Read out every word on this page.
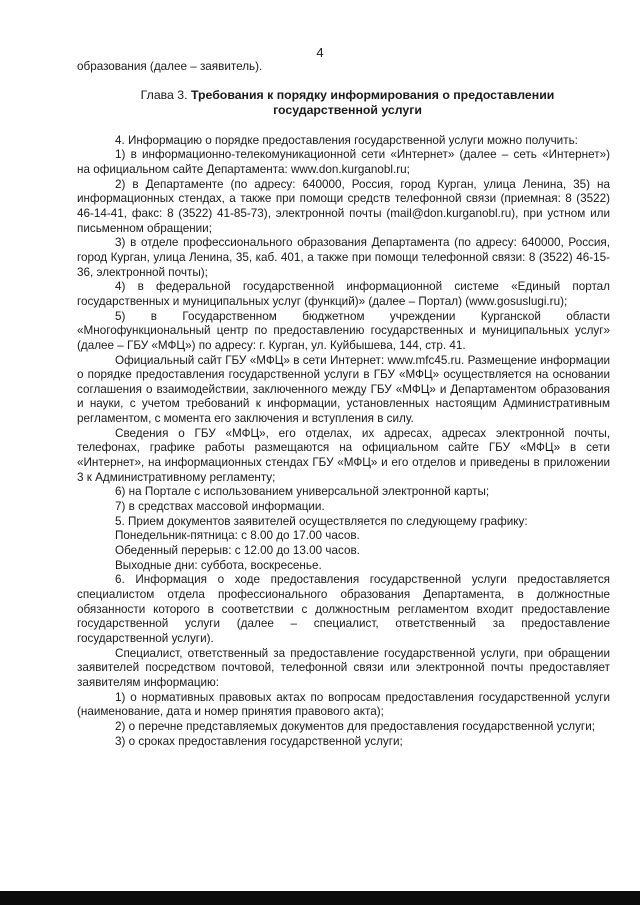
4

образования (далее – заявитель).

Глава 3. Требования к порядку информирования о предоставлении государственной услуги

4. Информацию о порядке предоставления государственной услуги можно получить:

1) в информационно-телекомуникационной сети «Интернет» (далее – сеть «Интернет») на официальном сайте Департамента: www.don.kurganobl.ru;

2) в Департаменте (по адресу: 640000, Россия, город Курган, улица Ленина, 35) на информационных стендах, а также при помощи средств телефонной связи (приемная: 8 (3522) 46-14-41, факс: 8 (3522) 41-85-73), электронной почты (mail@don.kurganobl.ru), при устном или письменном обращении;

3) в отделе профессионального образования Департамента (по адресу: 640000, Россия, город Курган, улица Ленина, 35, каб. 401, а также при помощи телефонной связи: 8 (3522) 46-15-36, электронной почты);

4) в федеральной государственной информационной системе «Единый портал государственных и муниципальных услуг (функций)» (далее – Портал) (www.gosuslugi.ru);

5) в Государственном бюджетном учреждении Курганской области «Многофункциональный центр по предоставлению государственных и муниципальных услуг» (далее – ГБУ «МФЦ») по адресу: г. Курган, ул. Куйбышева, 144, стр. 41.

Официальный сайт ГБУ «МФЦ» в сети Интернет: www.mfc45.ru. Размещение информации о порядке предоставления государственной услуги в ГБУ «МФЦ» осуществляется на основании соглашения о взаимодействии, заключенного между ГБУ «МФЦ» и Департаментом образования и науки, с учетом требований к информации, установленных настоящим Административным регламентом, с момента его заключения и вступления в силу.

Сведения о ГБУ «МФЦ», его отделах, их адресах, адресах электронной почты, телефонах, графике работы размещаются на официальном сайте ГБУ «МФЦ» в сети «Интернет», на информационных стендах ГБУ «МФЦ» и его отделов и приведены в приложении 3 к Административному регламенту;

6) на Портале с использованием универсальной электронной карты;

7) в средствах массовой информации.

5. Прием документов заявителей осуществляется по следующему графику:

Понедельник-пятница: с 8.00 до 17.00 часов.

Обеденный перерыв: с 12.00 до 13.00 часов.

Выходные дни: суббота, воскресенье.

6. Информация о ходе предоставления государственной услуги предоставляется специалистом отдела профессионального образования Департамента, в должностные обязанности которого в соответствии с должностным регламентом входит предоставление государственной услуги (далее – специалист, ответственный за предоставление государственной услуги).

Специалист, ответственный за предоставление государственной услуги, при обращении заявителей посредством почтовой, телефонной связи или электронной почты предоставляет заявителям информацию:

1) о нормативных правовых актах по вопросам предоставления государственной услуги (наименование, дата и номер принятия правового акта);

2) о перечне представляемых документов для предоставления государственной услуги;

3) о сроках предоставления государственной услуги;
